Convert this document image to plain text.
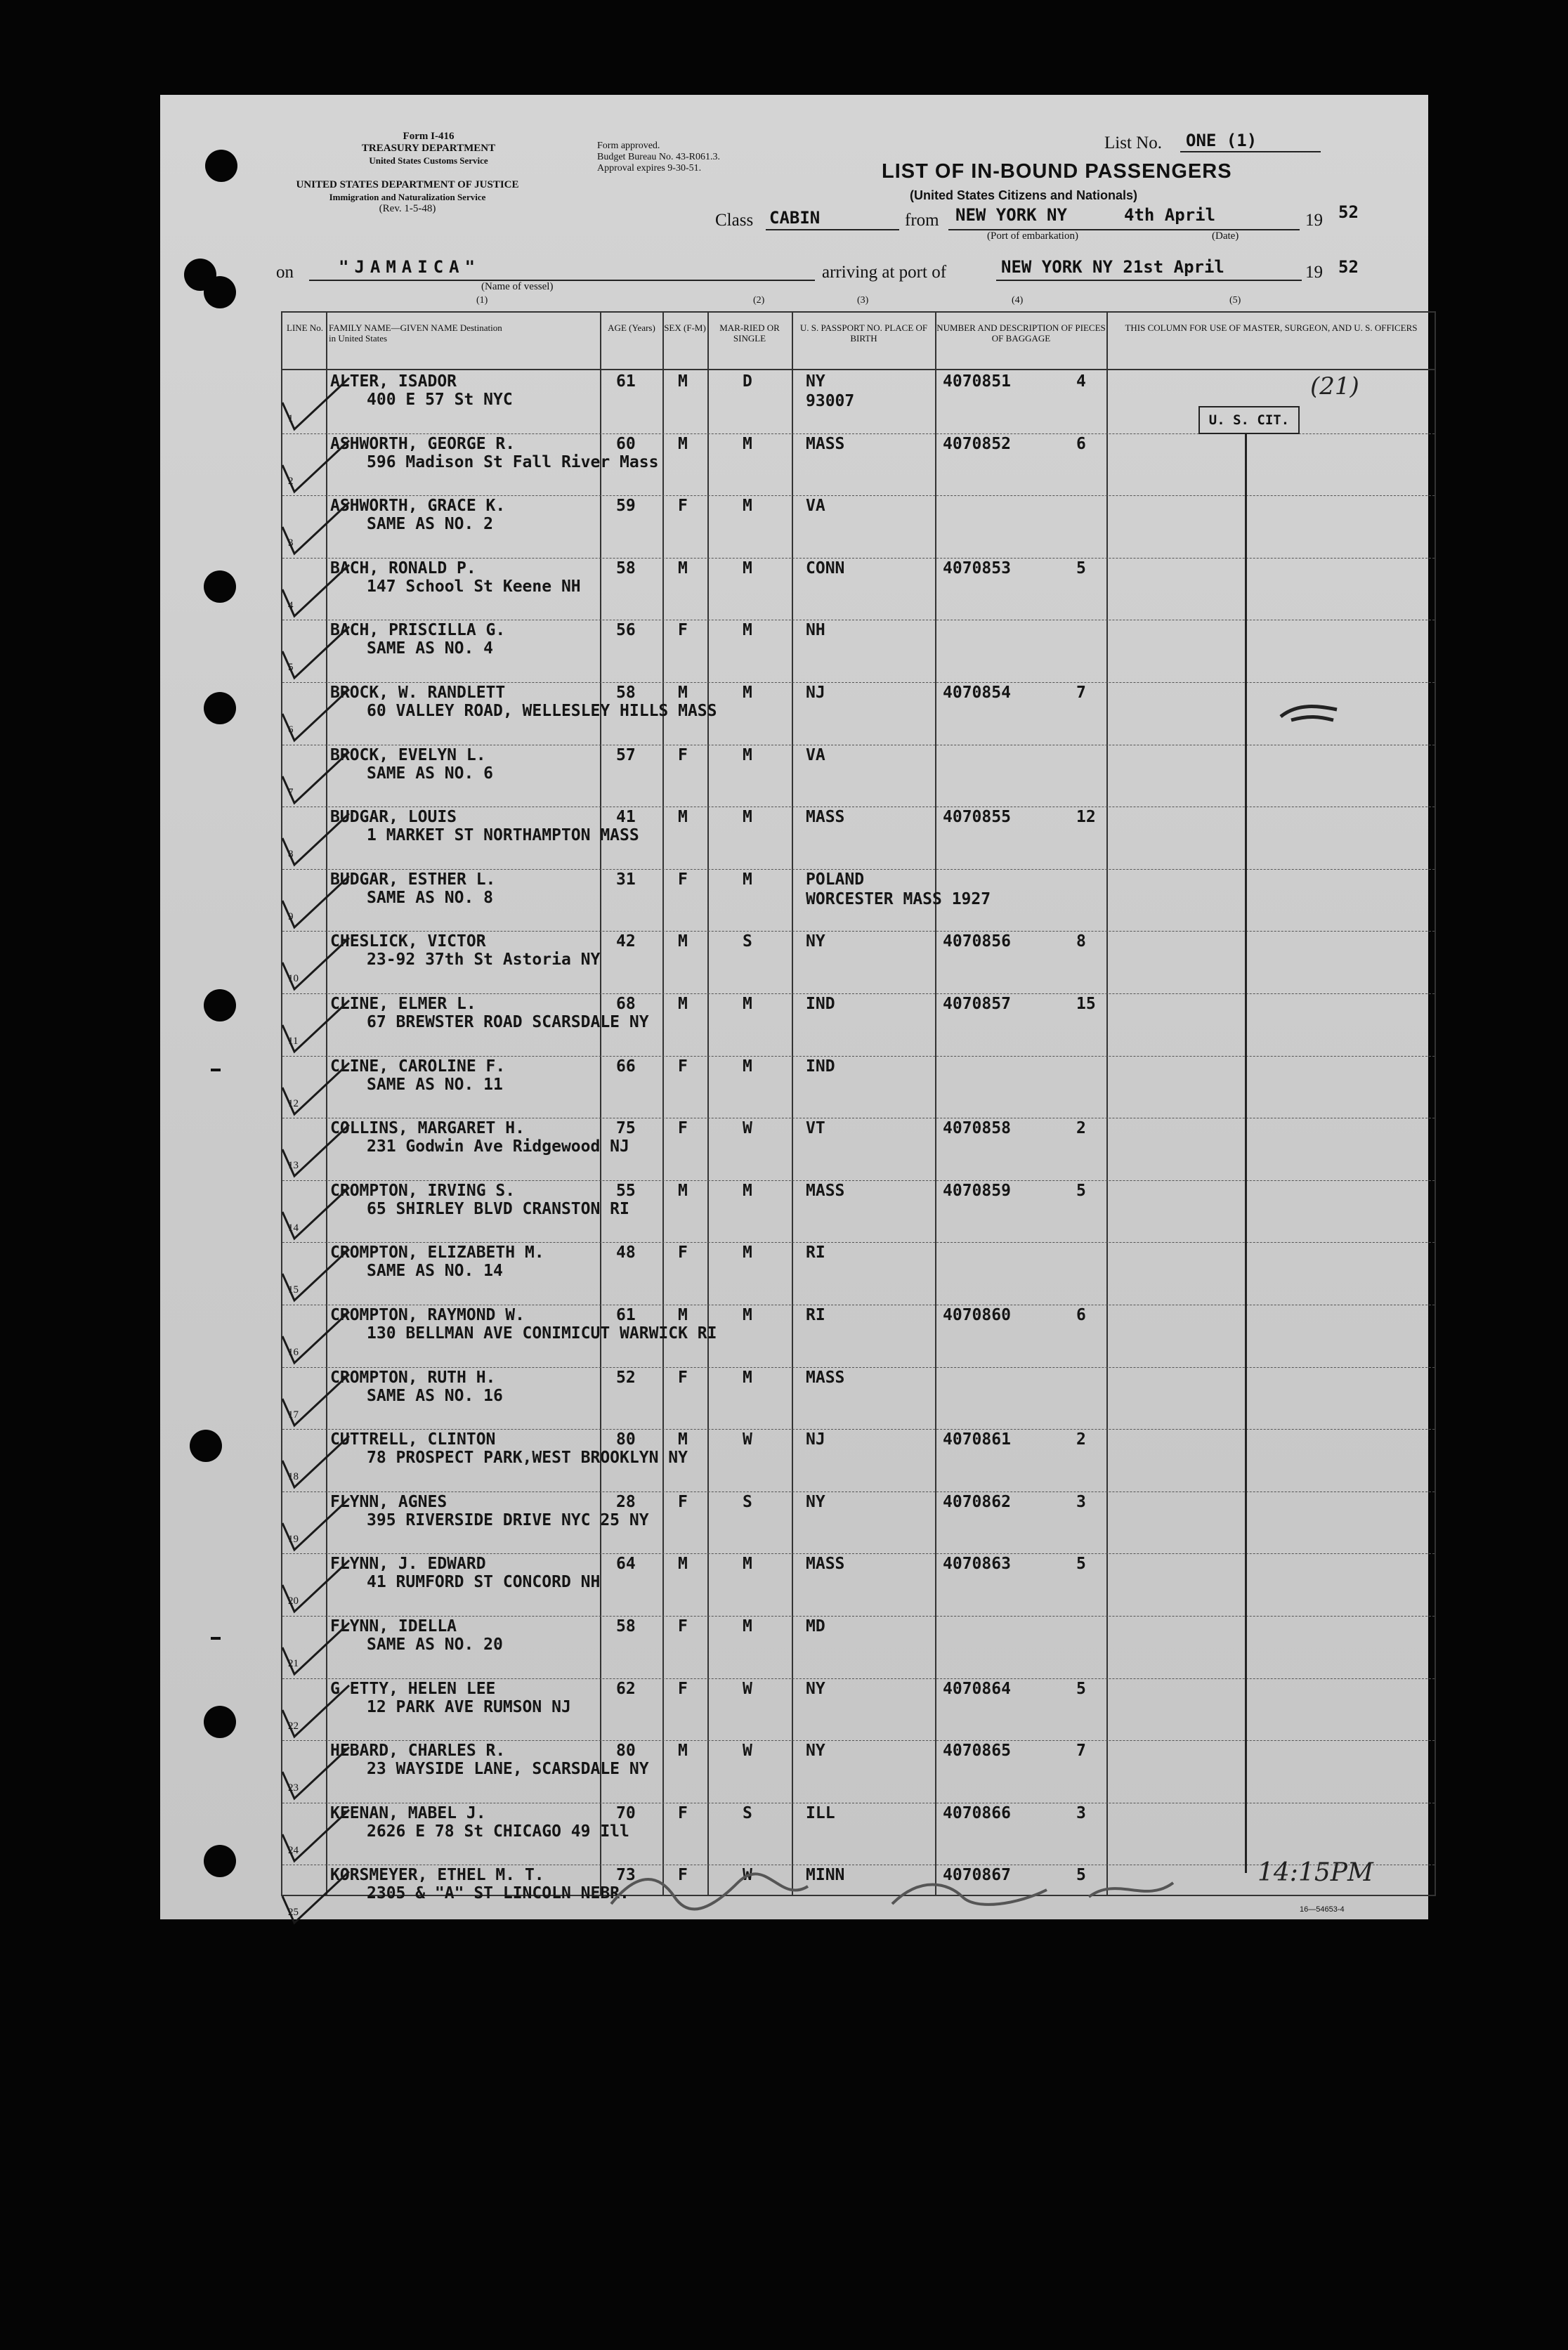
Form I-416
TREASURY DEPARTMENT
United States Customs Service
UNITED STATES DEPARTMENT OF JUSTICE
Immigration and Naturalization Service
(Rev. 1-5-48)
Form approved.
Budget Bureau No. 43-R061.3.
Approval expires 9-30-51.
List No. ONE (1)
LIST OF IN-BOUND PASSENGERS
(United States Citizens and Nationals)
Class CABIN	from NEW YORK NY	4th April	19 52
(Port of embarkation)	(Date)
on	"JAMAICA"
(Name of vessel)
arriving at port of	NEW YORK NY 21st April	19 52
(1)	(2)	(3)	(4)	(5)
LINE No. FAMILY NAME—GIVEN NAME Destination in United States
AGE (Years) SEX (F-M)	MAR-RIED OR SINGLE
U. S. PASSPORT NO. PLACE OF BIRTH
NUMBER AND DESCRIPTION OF PIECES OF BAGGAGE
THIS COLUMN FOR USE OF MASTER, SURGEON, AND U. S. OFFICERS
1
ALTER, ISADOR
400 E 57 St NYC
61	M	D	NY
93007
4070851	4
2
ASHWORTH, GEORGE R.
596 Madison St Fall River Mass
60	M	M	MASS	4070852	6
3
ASHWORTH, GRACE K.
SAME AS NO. 2
59	F	M	VA
4
BACH, RONALD P.
147 School St Keene NH
58	M	M	CONN	4070853	5
5
BACH, PRISCILLA G.
SAME AS NO. 4
56	F	M	NH
6
BROCK, W. RANDLETT
60 VALLEY ROAD, WELLESLEY HILLS MASS
58	M	M	NJ	4070854	7
7
BROCK, EVELYN L.
SAME AS NO. 6
57	F	M	VA
8
BUDGAR, LOUIS
1 MARKET ST NORTHAMPTON MASS
41	M	M	MASS	4070855	12
9
BUDGAR, ESTHER L.
SAME AS NO. 8
31	F	M	POLAND
WORCESTER MASS 1927
10
CHESLICK, VICTOR
23-92 37th St Astoria NY
42	M	S	NY	4070856	8
11
CLINE, ELMER L.
67 BREWSTER ROAD SCARSDALE NY
68	M	M	IND	4070857	15
12
CLINE, CAROLINE F.
SAME AS NO. 11
66	F	M	IND
13
COLLINS, MARGARET H.
231 Godwin Ave Ridgewood NJ
75	F	W	VT	4070858	2
14
CROMPTON, IRVING S.
65 SHIRLEY BLVD CRANSTON RI
55	M	M	MASS	4070859	5
15
CROMPTON, ELIZABETH M.
SAME AS NO. 14
48	F	M	RI
16
CROMPTON, RAYMOND W.
130 BELLMAN AVE CONIMICUT WARWICK RI
61	M	M	RI	4070860	6
17
CROMPTON, RUTH H.
SAME AS NO. 16
52	F	M	MASS
18
CUTTRELL, CLINTON
78 PROSPECT PARK,WEST BROOKLYN NY
80	M	W	NJ	4070861	2
19
FLYNN, AGNES
395 RIVERSIDE DRIVE NYC 25 NY
28	F	S	NY	4070862	3
20
FLYNN, J. EDWARD
41 RUMFORD ST CONCORD NH
64	M	M	MASS	4070863	5
21
FLYNN, IDELLA
SAME AS NO. 20
58	F	M	MD
22
G ETTY, HELEN LEE
12 PARK AVE RUMSON NJ
62	F	W	NY	4070864	5
23
HEBARD, CHARLES R.
23 WAYSIDE LANE, SCARSDALE NY
80	M	W	NY	4070865	7
24
KEENAN, MABEL J.
2626 E 78 St CHICAGO 49 Ill
70	F	S	ILL	4070866	3
25
KORSMEYER, ETHEL M. T.
2305 & "A" ST LINCOLN NEBR.
73	F	W	MINN	4070867	5
U. S. CIT.
(21)
14:15PM
16—54653-4
